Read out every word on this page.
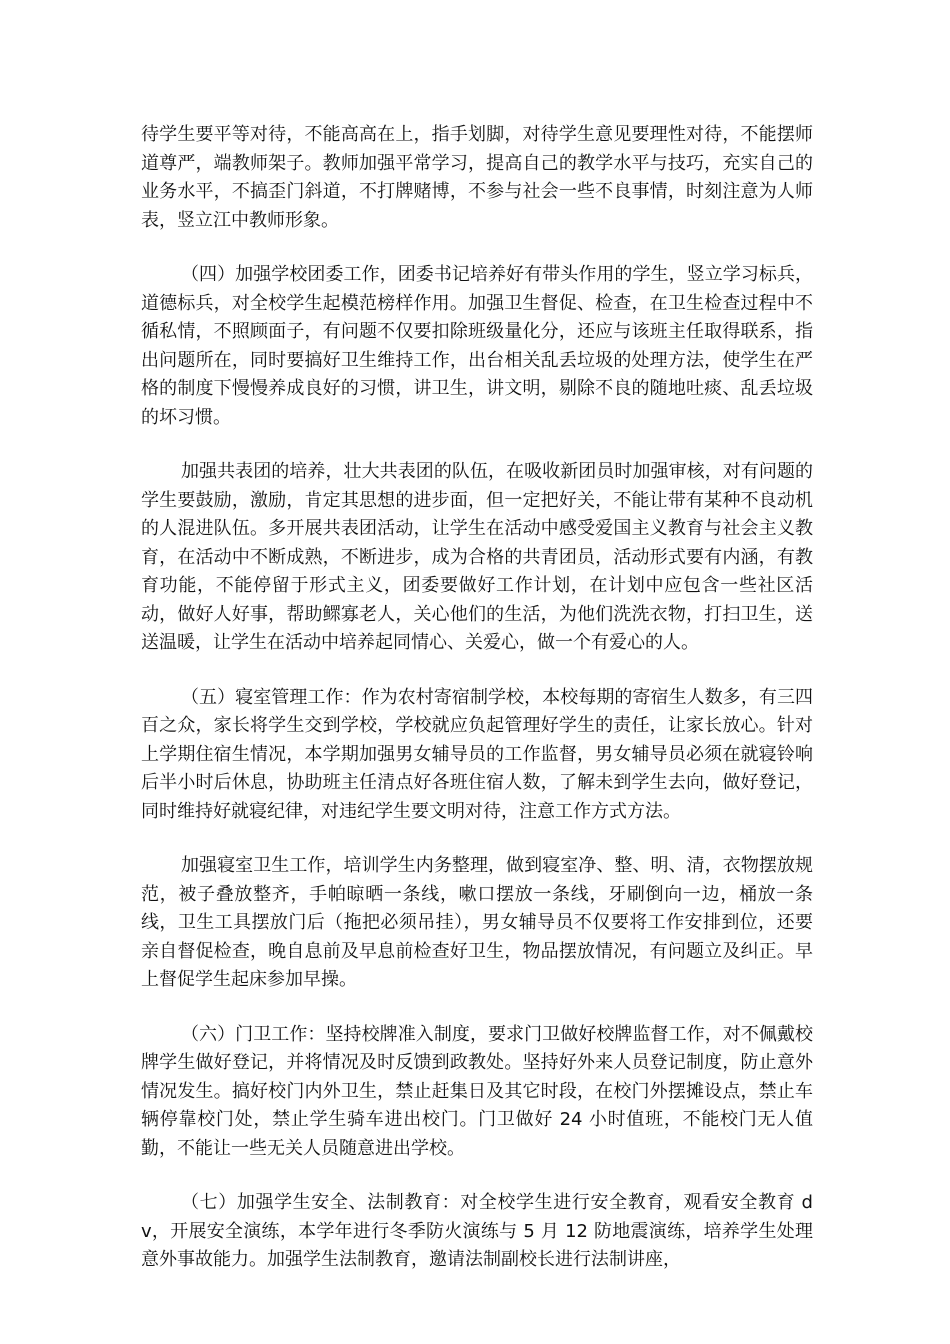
待学生要平等对待，不能高高在上，指手划脚，对待学生意见要理性对待，不能摆师道尊严，端教师架子。教师加强平常学习，提高自己的教学水平与技巧，充实自己的业务水平，不搞歪门斜道，不打牌赌博，不参与社会一些不良事情，时刻注意为人师表，竖立江中教师形象。

（四）加强学校团委工作，团委书记培养好有带头作用的学生，竖立学习标兵，道德标兵，对全校学生起模范榜样作用。加强卫生督促、检查，在卫生检查过程中不循私情，不照顾面子，有问题不仅要扣除班级量化分，还应与该班主任取得联系，指出问题所在，同时要搞好卫生维持工作，出台相关乱丢垃圾的处理方法，使学生在严格的制度下慢慢养成良好的习惯，讲卫生，讲文明，剔除不良的随地吐痰、乱丢垃圾的坏习惯。

加强共表团的培养，壮大共表团的队伍，在吸收新团员时加强审核，对有问题的学生要鼓励，激励，肯定其思想的进步面，但一定把好关，不能让带有某种不良动机的人混进队伍。多开展共表团活动，让学生在活动中感受爱国主义教育与社会主义教育，在活动中不断成熟，不断进步，成为合格的共青团员，活动形式要有内涵，有教育功能，不能停留于形式主义，团委要做好工作计划，在计划中应包含一些社区活动，做好人好事，帮助鳏寡老人，关心他们的生活，为他们洗洗衣物，打扫卫生，送送温暖，让学生在活动中培养起同情心、关爱心，做一个有爱心的人。

（五）寝室管理工作：作为农村寄宿制学校，本校每期的寄宿生人数多，有三四百之众，家长将学生交到学校，学校就应负起管理好学生的责任，让家长放心。针对上学期住宿生情况，本学期加强男女辅导员的工作监督，男女辅导员必须在就寝铃响后半小时后休息，协助班主任清点好各班住宿人数，了解未到学生去向，做好登记，同时维持好就寝纪律，对违纪学生要文明对待，注意工作方式方法。

加强寝室卫生工作，培训学生内务整理，做到寝室净、整、明、清，衣物摆放规范，被子叠放整齐，手帕晾晒一条线，嗽口摆放一条线，牙刷倒向一边，桶放一条线，卫生工具摆放门后（拖把必须吊挂），男女辅导员不仅要将工作安排到位，还要亲自督促检查，晚自息前及早息前检查好卫生，物品摆放情况，有问题立及纠正。早上督促学生起床参加早操。

（六）门卫工作：坚持校牌准入制度，要求门卫做好校牌监督工作，对不佩戴校牌学生做好登记，并将情况及时反馈到政教处。坚持好外来人员登记制度，防止意外情况发生。搞好校门内外卫生，禁止赶集日及其它时段，在校门外摆摊设点，禁止车辆停靠校门处，禁止学生骑车进出校门。门卫做好 24 小时值班，不能校门无人值勤，不能让一些无关人员随意进出学校。

（七）加强学生安全、法制教育：对全校学生进行安全教育，观看安全教育 dv，开展安全演练，本学年进行冬季防火演练与 5 月 12 防地震演练，培养学生处理意外事故能力。加强学生法制教育，邀请法制副校长进行法制讲座，
